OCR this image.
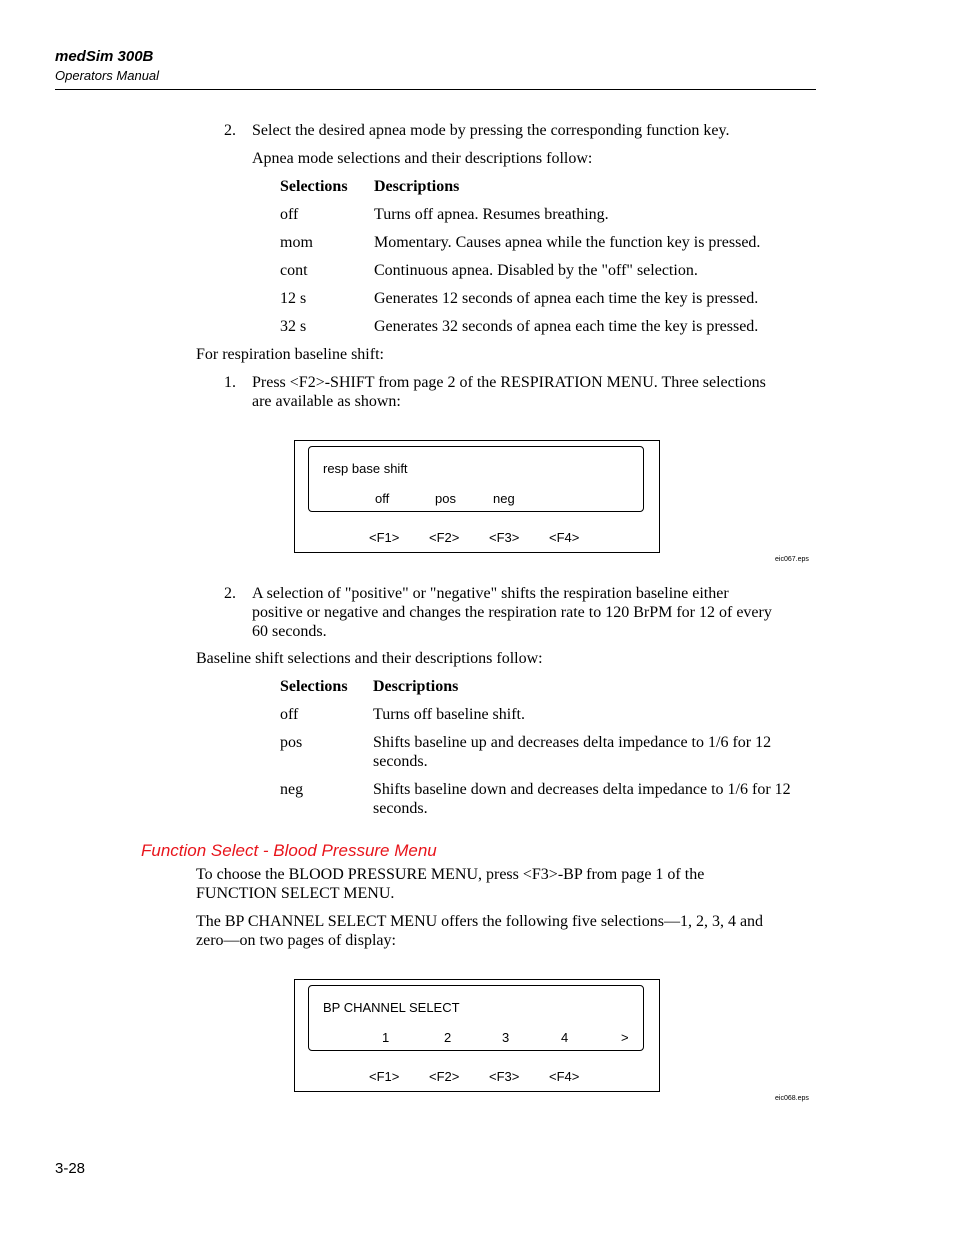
medSim 300B
Operators Manual
2.	Select the desired apnea mode by pressing the corresponding function key.
Apnea mode selections and their descriptions follow:
Selections Descriptions
off	Turns off apnea. Resumes breathing.
mom	Momentary. Causes apnea while the function key is pressed.
cont	Continuous apnea. Disabled by the "off" selection.
12 s	Generates 12 seconds of apnea each time the key is pressed.
32 s	Generates 32 seconds of apnea each time the key is pressed.
For respiration baseline shift:
1.	Press <F2>-SHIFT from page 2 of the RESPIRATION MENU. Three selections
are available as shown:
resp base shift
off	pos	neg
<F1> <F2> <F3> <F4>
eic067.eps
2.	A selection of "positive" or "negative" shifts the respiration baseline either
positive or negative and changes the respiration rate to 120 BrPM for 12 of every
60 seconds.
Baseline shift selections and their descriptions follow:
Selections Descriptions
off	Turns off baseline shift.
pos	Shifts baseline up and decreases delta impedance to 1/6 for 12
seconds.
neg	Shifts baseline down and decreases delta impedance to 1/6 for 12
seconds.
Function Select - Blood Pressure Menu
To choose the BLOOD PRESSURE MENU, press <F3>-BP from page 1 of the
FUNCTION SELECT MENU.
The BP CHANNEL SELECT MENU offers the following five selections—1, 2, 3, 4 and
zero—on two pages of display:
BP CHANNEL SELECT
1	2	3	4	>
<F1> <F2> <F3> <F4>
eic068.eps
3-28
